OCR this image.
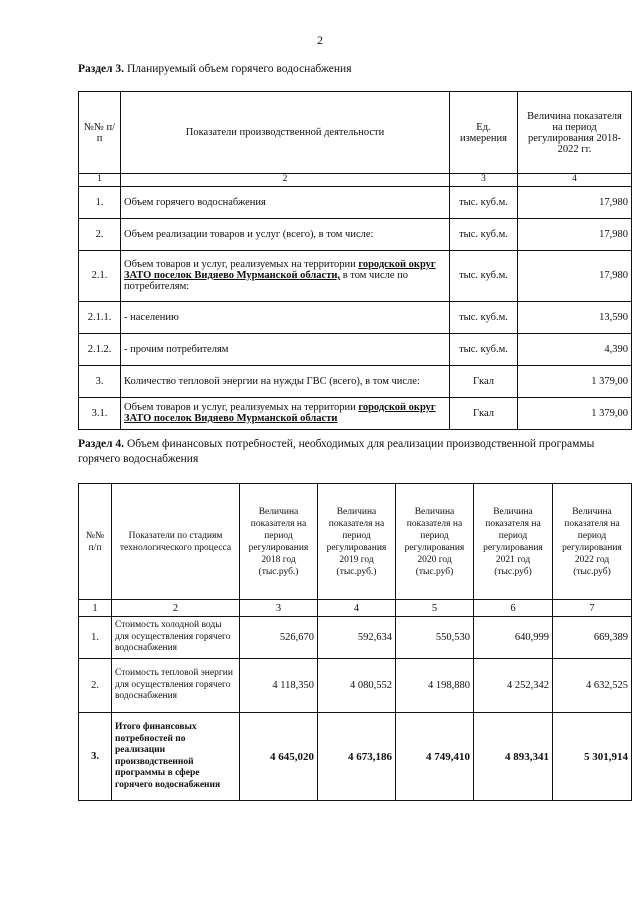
2
Раздел 3. Планируемый объем горячего водоснабжения
№№ п/п	Показатели производственной деятельности	Ед. измерения	Величина показателя на период регулирования 2018-2022 гг.
1	2	3	4
1.	Объем горячего водоснабжения	тыс. куб.м.	17,980
2.	Объем реализации товаров и услуг (всего), в том числе:	тыс. куб.м.	17,980
2.1.	Объем товаров и услуг, реализуемых на территории городской округ ЗАТО поселок Видяево Мурманской области, в том числе по потребителям:	тыс. куб.м.	17,980
2.1.1.	- населению	тыс. куб.м.	13,590
2.1.2.	- прочим потребителям	тыс. куб.м.	4,390
3.	Количество тепловой энергии на нужды ГВС (всего), в том числе:	Гкал	1 379,00
3.1.	Объем товаров и услуг, реализуемых на территории городской округ ЗАТО поселок Видяево Мурманской области	Гкал	1 379,00
Раздел 4. Объем финансовых потребностей, необходимых для реализации производственной программы горячего водоснабжения
№№ п/п	Показатели по стадиям технологического процесса	Величина показателя на период регулирования 2018 год (тыс.руб.)	Величина показателя на период регулирования 2019 год (тыс.руб.)	Величина показателя на период регулирования 2020 год (тыс.руб)	Величина показателя на период регулирования 2021 год (тыс.руб)	Величина показателя на период регулирования 2022 год (тыс.руб)
1	2	3	4	5	6	7
1.	Стоимость холодной воды для осуществления горячего водоснабжения	526,670	592,634	550,530	640,999	669,389
2.	Стоимость тепловой энергии для осуществления горячего водоснабжения	4 118,350	4 080,552	4 198,880	4 252,342	4 632,525
3.	Итого финансовых потребностей по реализации производственной программы в сфере горячего водоснабжения	4 645,020	4 673,186	4 749,410	4 893,341	5 301,914
